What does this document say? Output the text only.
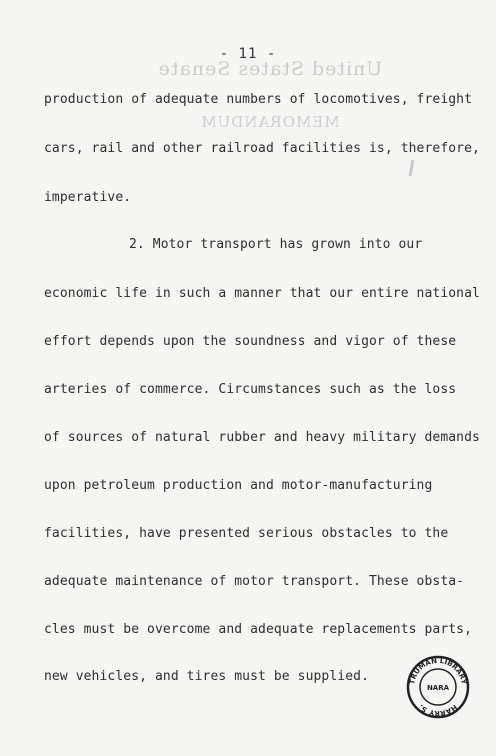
United States Senate
MEMORANDUM
- 11 -
production of adequate numbers of locomotives, freight
cars, rail and other railroad facilities is, therefore,
imperative.
2. Motor transport has grown into our
economic life in such a manner that our entire national
effort depends upon the soundness and vigor of these
arteries of commerce. Circumstances such as the loss
of sources of natural rubber and heavy military demands
upon petroleum production and motor-manufacturing
facilities, have presented serious obstacles to the
adequate maintenance of motor transport. These obsta-
cles must be overcome and adequate replacements parts,
new vehicles, and tires must be supplied.	TRUMAN LIBRARY
HARRY S.
NARA
